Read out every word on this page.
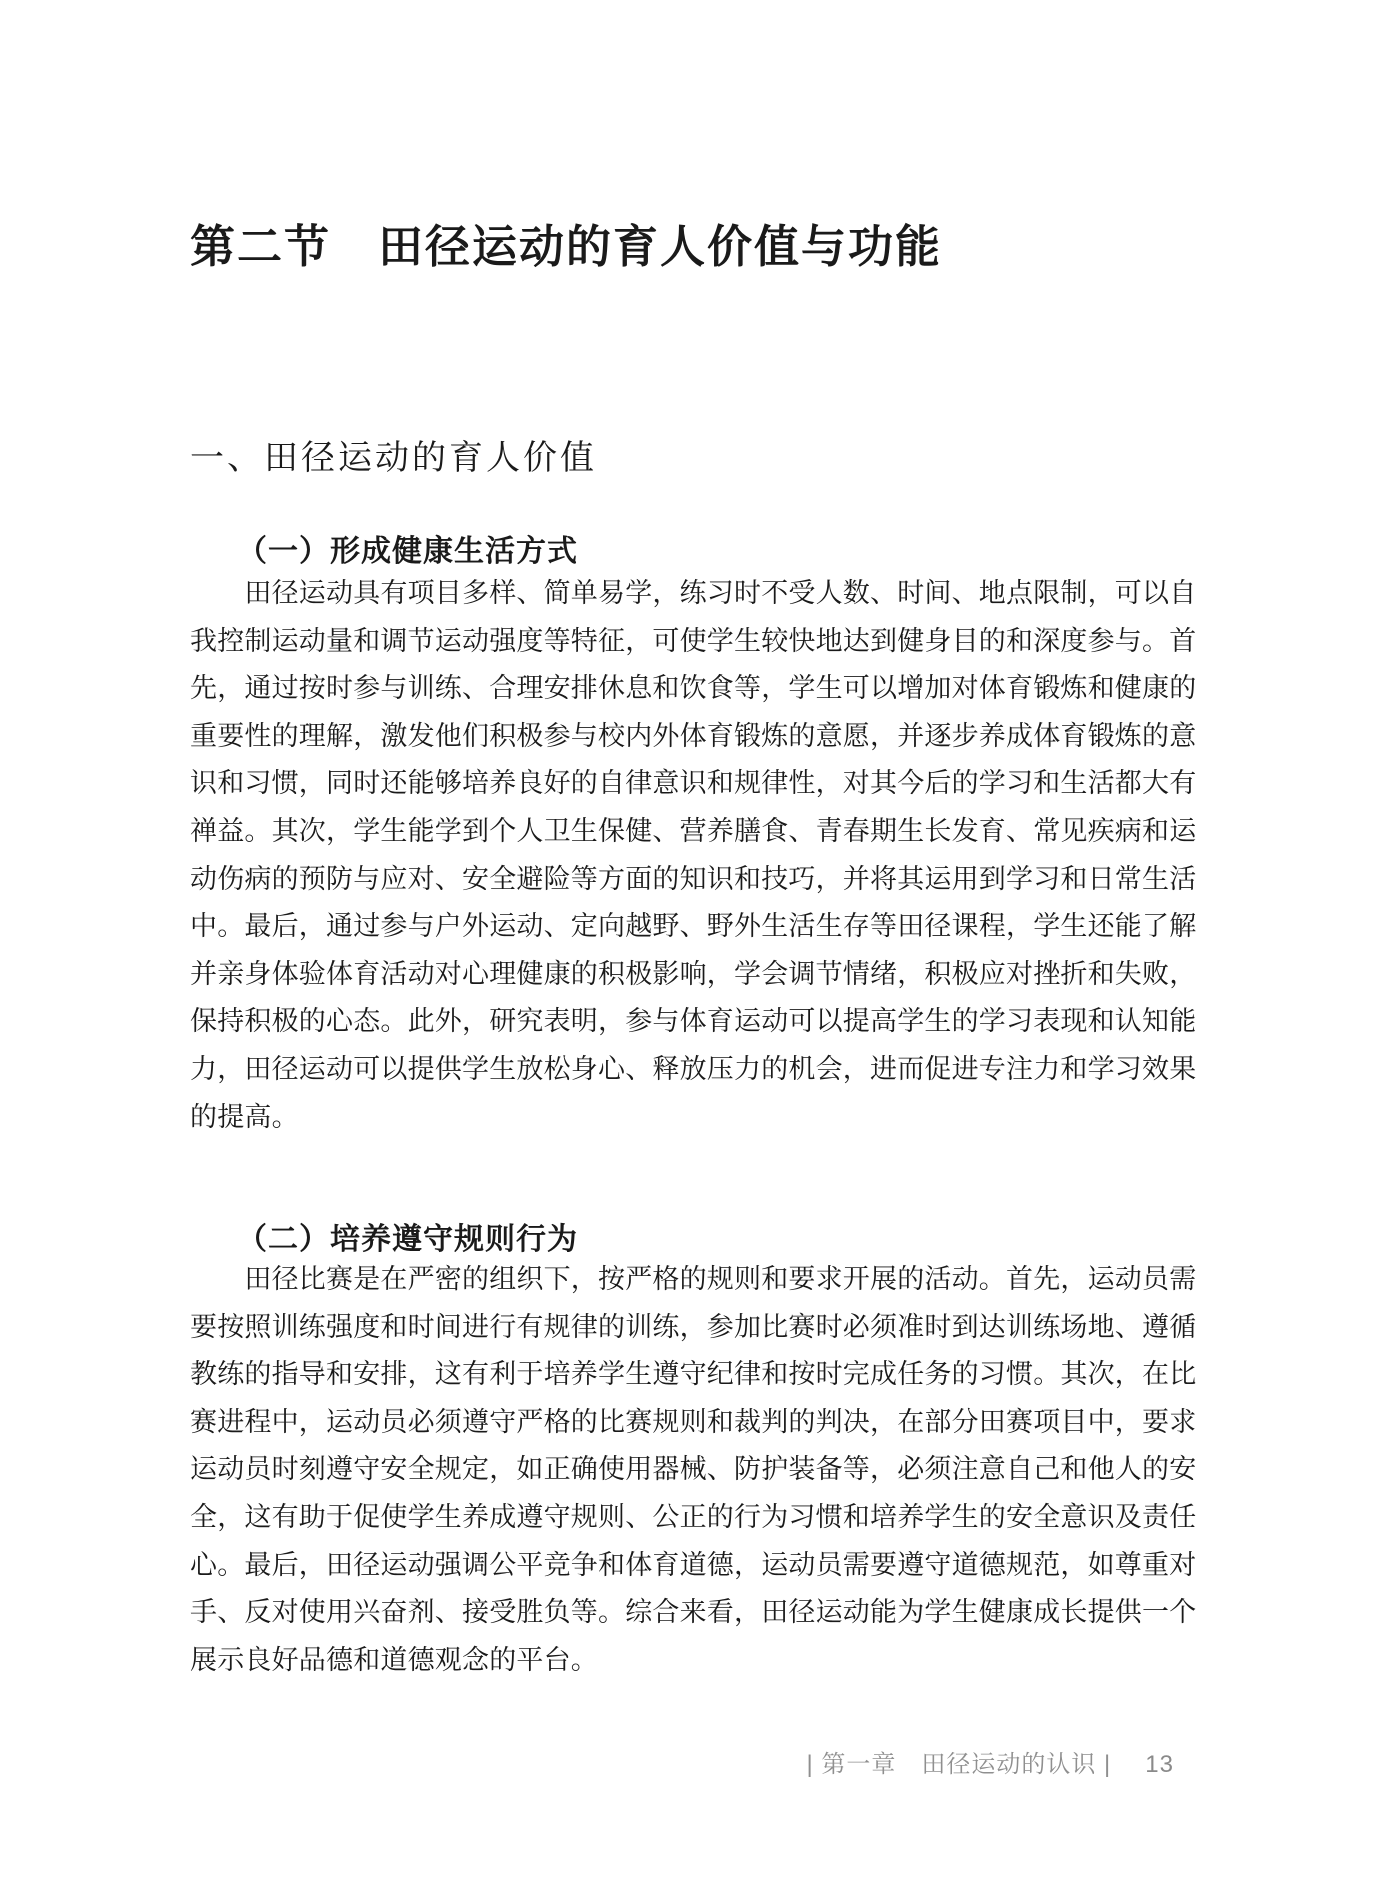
第二节　田径运动的育人价值与功能
一、田径运动的育人价值
（一）形成健康生活方式
　　田径运动具有项目多样、简单易学，练习时不受人数、时间、地点限制，可以自
我控制运动量和调节运动强度等特征，可使学生较快地达到健身目的和深度参与。首
先，通过按时参与训练、合理安排休息和饮食等，学生可以增加对体育锻炼和健康的
重要性的理解，激发他们积极参与校内外体育锻炼的意愿，并逐步养成体育锻炼的意
识和习惯，同时还能够培养良好的自律意识和规律性，对其今后的学习和生活都大有
禅益。其次，学生能学到个人卫生保健、营养膳食、青春期生长发育、常见疾病和运
动伤病的预防与应对、安全避险等方面的知识和技巧，并将其运用到学习和日常生活
中。最后，通过参与户外运动、定向越野、野外生活生存等田径课程，学生还能了解
并亲身体验体育活动对心理健康的积极影响，学会调节情绪，积极应对挫折和失败，
保持积极的心态。此外，研究表明，参与体育运动可以提高学生的学习表现和认知能
力，田径运动可以提供学生放松身心、释放压力的机会，进而促进专注力和学习效果
的提高。
（二）培养遵守规则行为
　　田径比赛是在严密的组织下，按严格的规则和要求开展的活动。首先，运动员需
要按照训练强度和时间进行有规律的训练，参加比赛时必须准时到达训练场地、遵循
教练的指导和安排，这有利于培养学生遵守纪律和按时完成任务的习惯。其次，在比
赛进程中，运动员必须遵守严格的比赛规则和裁判的判决，在部分田赛项目中，要求
运动员时刻遵守安全规定，如正确使用器械、防护装备等，必须注意自己和他人的安
全，这有助于促使学生养成遵守规则、公正的行为习惯和培养学生的安全意识及责任
心。最后，田径运动强调公平竞争和体育道德，运动员需要遵守道德规范，如尊重对
手、反对使用兴奋剂、接受胜负等。综合来看，田径运动能为学生健康成长提供一个
展示良好品德和道德观念的平台。
| 第一章　田径运动的认识 | 13
